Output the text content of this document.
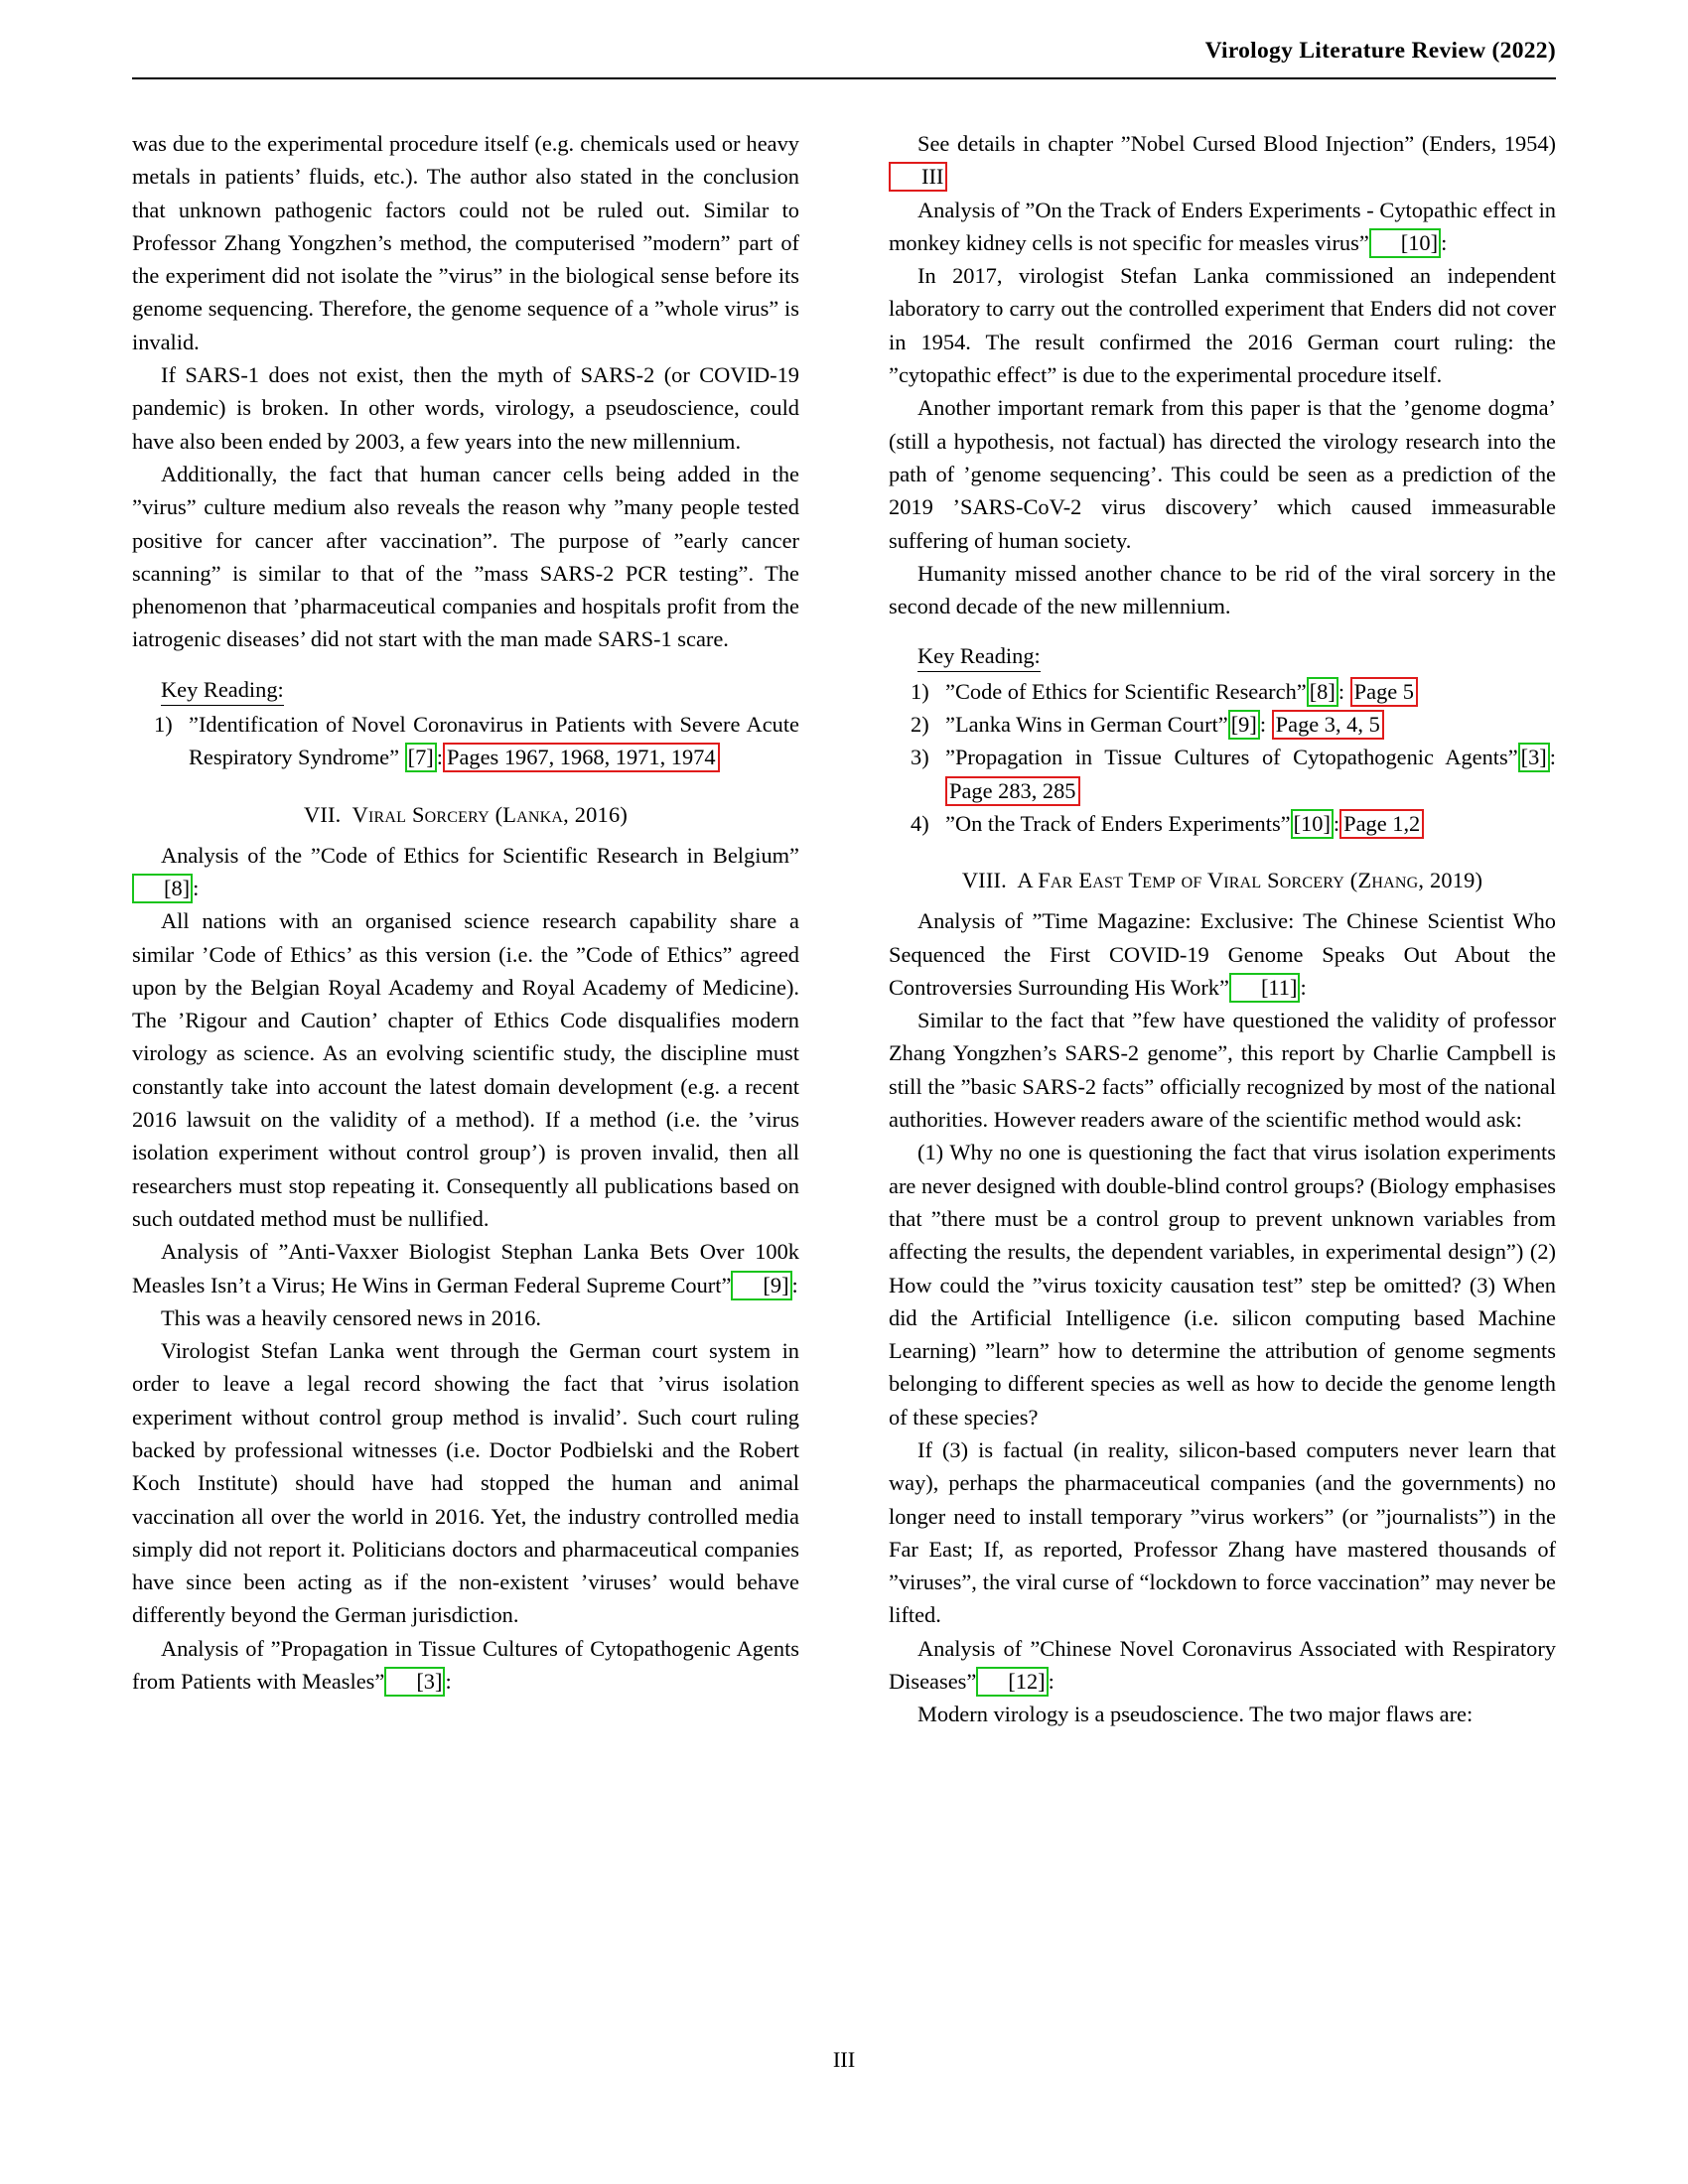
Virology Literature Review (2022)

was due to the experimental procedure itself (e.g. chemicals used or heavy metals in patients’ fluids, etc.). The author also stated in the conclusion that unknown pathogenic factors could not be ruled out. Similar to Professor Zhang Yongzhen’s method, the computerised ”modern” part of the experiment did not isolate the ”virus” in the biological sense before its genome sequencing. Therefore, the genome sequence of a ”whole virus” is invalid.

If SARS-1 does not exist, then the myth of SARS-2 (or COVID-19 pandemic) is broken. In other words, virology, a pseudoscience, could have also been ended by 2003, a few years into the new millennium.

Additionally, the fact that human cancer cells being added in the ”virus” culture medium also reveals the reason why ”many people tested positive for cancer after vaccination”. The purpose of ”early cancer scanning” is similar to that of the ”mass SARS-2 PCR testing”. The phenomenon that ’pharmaceutical companies and hospitals profit from the iatrogenic diseases’ did not start with the man made SARS-1 scare.

Key Reading:
1) ”Identification of Novel Coronavirus in Patients with Severe Acute Respiratory Syndrome” [7] : Pages 1967, 1968, 1971, 1974

VII. Viral Sorcery (Lanka, 2016)

Analysis of the ”Code of Ethics for Scientific Research in Belgium”[8] :

All nations with an organised science research capability share a similar ’Code of Ethics’ as this version (i.e. the ”Code of Ethics” agreed upon by the Belgian Royal Academy and Royal Academy of Medicine). The ’Rigour and Caution’ chapter of Ethics Code disqualifies modern virology as science. As an evolving scientific study, the discipline must constantly take into account the latest domain development (e.g. a recent 2016 lawsuit on the validity of a method). If a method (i.e. the ’virus isolation experiment without control group’) is proven invalid, then all researchers must stop repeating it. Consequently all publications based on such outdated method must be nullified.

Analysis of ”Anti-Vaxxer Biologist Stephan Lanka Bets Over 100k Measles Isn’t a Virus; He Wins in German Federal Supreme Court” [9] :

This was a heavily censored news in 2016.

Virologist Stefan Lanka went through the German court system in order to leave a legal record showing the fact that ’virus isolation experiment without control group method is invalid’. Such court ruling backed by professional witnesses (i.e. Doctor Podbielski and the Robert Koch Institute) should have had stopped the human and animal vaccination all over the world in 2016. Yet, the industry controlled media simply did not report it. Politicians doctors and pharmaceutical companies have since been acting as if the non-existent ’viruses’ would behave differently beyond the German jurisdiction.

Analysis of ”Propagation in Tissue Cultures of Cytopathogenic Agents from Patients with Measles” [3] :

See details in chapter ”Nobel Cursed Blood Injection” (Enders, 1954)III

Analysis of ”On the Track of Enders Experiments - Cytopathic effect in monkey kidney cells is not specific for measles virus” [10] :

In 2017, virologist Stefan Lanka commissioned an independent laboratory to carry out the controlled experiment that Enders did not cover in 1954. The result confirmed the 2016 German court ruling: the ”cytopathic effect” is due to the experimental procedure itself.

Another important remark from this paper is that the ’genome dogma’ (still a hypothesis, not factual) has directed the virology research into the path of ’genome sequencing’. This could be seen as a prediction of the 2019 ’SARS-CoV-2 virus discovery’ which caused immeasurable suffering of human society.

Humanity missed another chance to be rid of the viral sorcery in the second decade of the new millennium.

Key Reading:
1) ”Code of Ethics for Scientific Research” [8] : Page 5
2) ”Lanka Wins in German Court” [9] : Page 3, 4, 5
3) ”Propagation in Tissue Cultures of Cytopathogenic Agents” [3] :Page 283, 285
4) ”On the Track of Enders Experiments” [10] : Page 1,2

VIII. A Far East Temp of Viral Sorcery (Zhang, 2019)

Analysis of ”Time Magazine: Exclusive: The Chinese Scientist Who Sequenced the First COVID-19 Genome Speaks Out About the Controversies Surrounding His Work” [11] :

Similar to the fact that ”few have questioned the validity of professor Zhang Yongzhen’s SARS-2 genome”, this report by Charlie Campbell is still the ”basic SARS-2 facts” officially recognized by most of the national authorities. However readers aware of the scientific method would ask:

(1) Why no one is questioning the fact that virus isolation experiments are never designed with double-blind control groups? (Biology emphasises that ”there must be a control group to prevent unknown variables from affecting the results, the dependent variables, in experimental design”) (2) How could the ”virus toxicity causation test” step be omitted? (3) When did the Artificial Intelligence (i.e. silicon computing based Machine Learning) ”learn” how to determine the attribution of genome segments belonging to different species as well as how to decide the genome length of these species?

If (3) is factual (in reality, silicon-based computers never learn that way), perhaps the pharmaceutical companies (and the governments) no longer need to install temporary ”virus workers” (or ”journalists”) in the Far East; If, as reported, Professor Zhang have mastered thousands of ”viruses”, the viral curse of “lockdown to force vaccination” may never be lifted.

Analysis of ”Chinese Novel Coronavirus Associated with Respiratory Diseases” [12] :

Modern virology is a pseudoscience. The two major flaws are:

III
